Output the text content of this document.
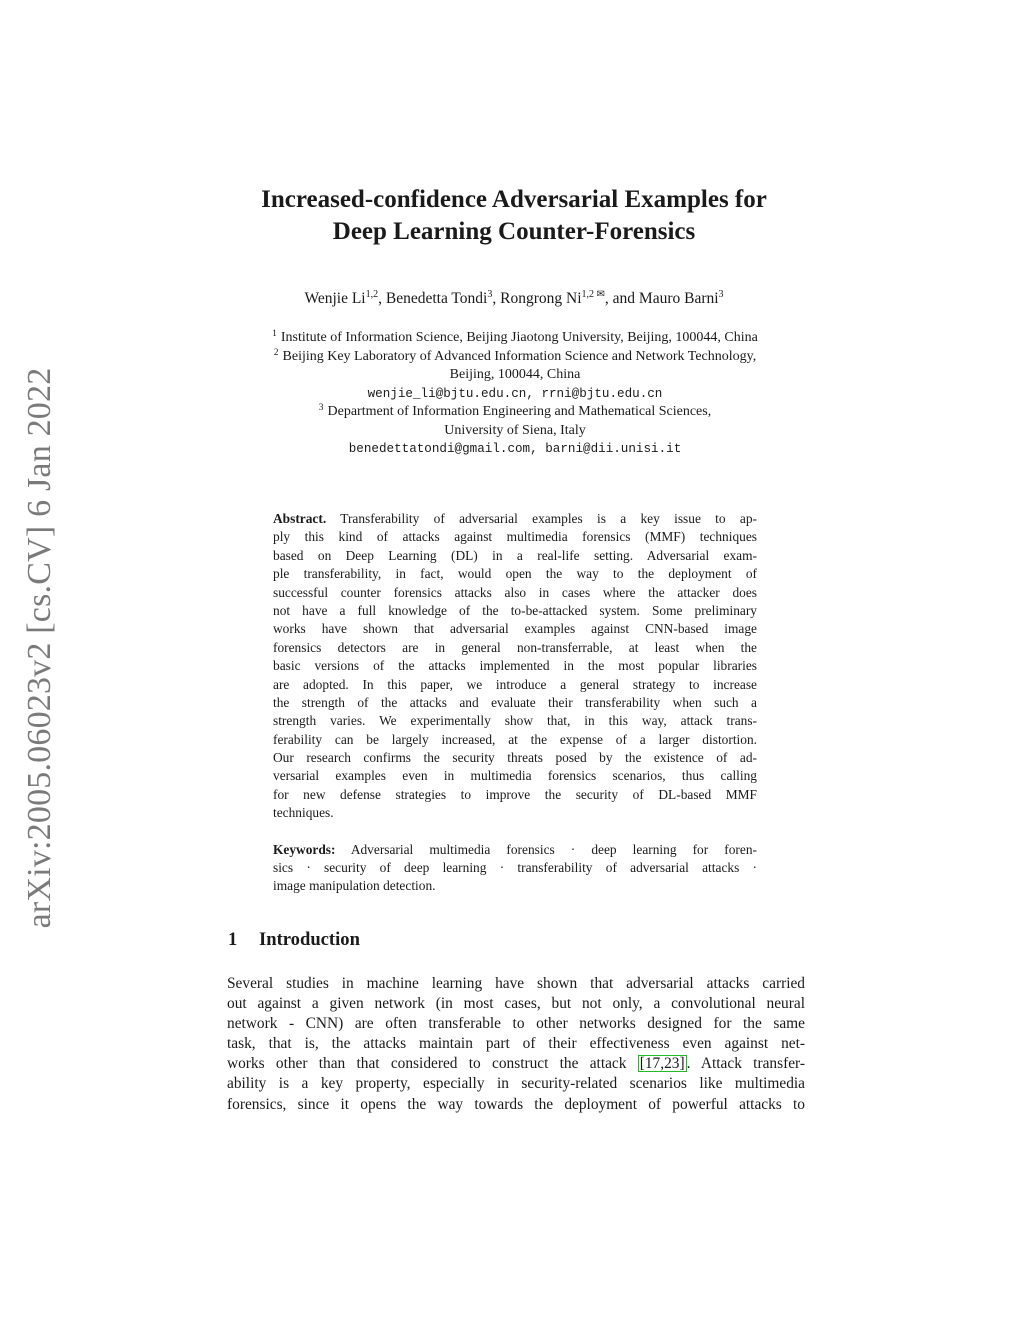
arXiv:2005.06023v2 [cs.CV] 6 Jan 2022
Increased-confidence Adversarial Examples for
Deep Learning Counter-Forensics
Wenjie Li$^{1,2}$, Benedetta Tondi$^3$, Rongrong $Ni^{1,2 ✉}$, and Mauro Barni$^3$
$^1$ Institute of Information Science, Beijing Jiaotong University, Beijing, 100044, China
$^2$ Beijing Key Laboratory of Advanced Information Science and Network Technology,
Beijing, 100044, China
wenjie_li@bjtu.edu.cn, rrni@bjtu.edu.cn
$^3$ Department of Information Engineering and Mathematical Sciences,
University of Siena, Italy
benedettatondi@gmail.com, barni@dii.unisi.it
Abstract. Transferability of adversarial examples is a key issue to ap-
ply this kind of attacks against multimedia forensics (MMF) techniques
based on Deep Learning (DL) in a real-life setting. Adversarial exam-
ple transferability, in fact, would open the way to the deployment of
successful counter forensics attacks also in cases where the attacker does
not have a full knowledge of the to-be-attacked system. Some preliminary
works have shown that adversarial examples against CNN-based image
forensics detectors are in general non-transferrable, at least when the
basic versions of the attacks implemented in the most popular libraries
are adopted. In this paper, we introduce a general strategy to increase
the strength of the attacks and evaluate their transferability when such a
strength varies. We experimentally show that, in this way, attack trans-
ferability can be largely increased, at the expense of a larger distortion.
Our research confirms the security threats posed by the existence of ad-
versarial examples even in multimedia forensics scenarios, thus calling
for new defense strategies to improve the security of DL-based MMF
techniques.
Keywords: Adversarial multimedia forensics · deep learning for foren-
sics · security of deep learning · transferability of adversarial attacks ·
image manipulation detection.
1 Introduction
Several studies in machine learning have shown that adversarial attacks carried
out against a given network (in most cases, but not only, a convolutional neural
network - CNN) are often transferable to other networks designed for the same
task, that is, the attacks maintain part of their effectiveness even against net-
works other than that considered to construct the attack [17,23] . Attack transfer-
ability is a key property, especially in security-related scenarios like multimedia
forensics, since it opens the way towards the deployment of powerful attacks to
